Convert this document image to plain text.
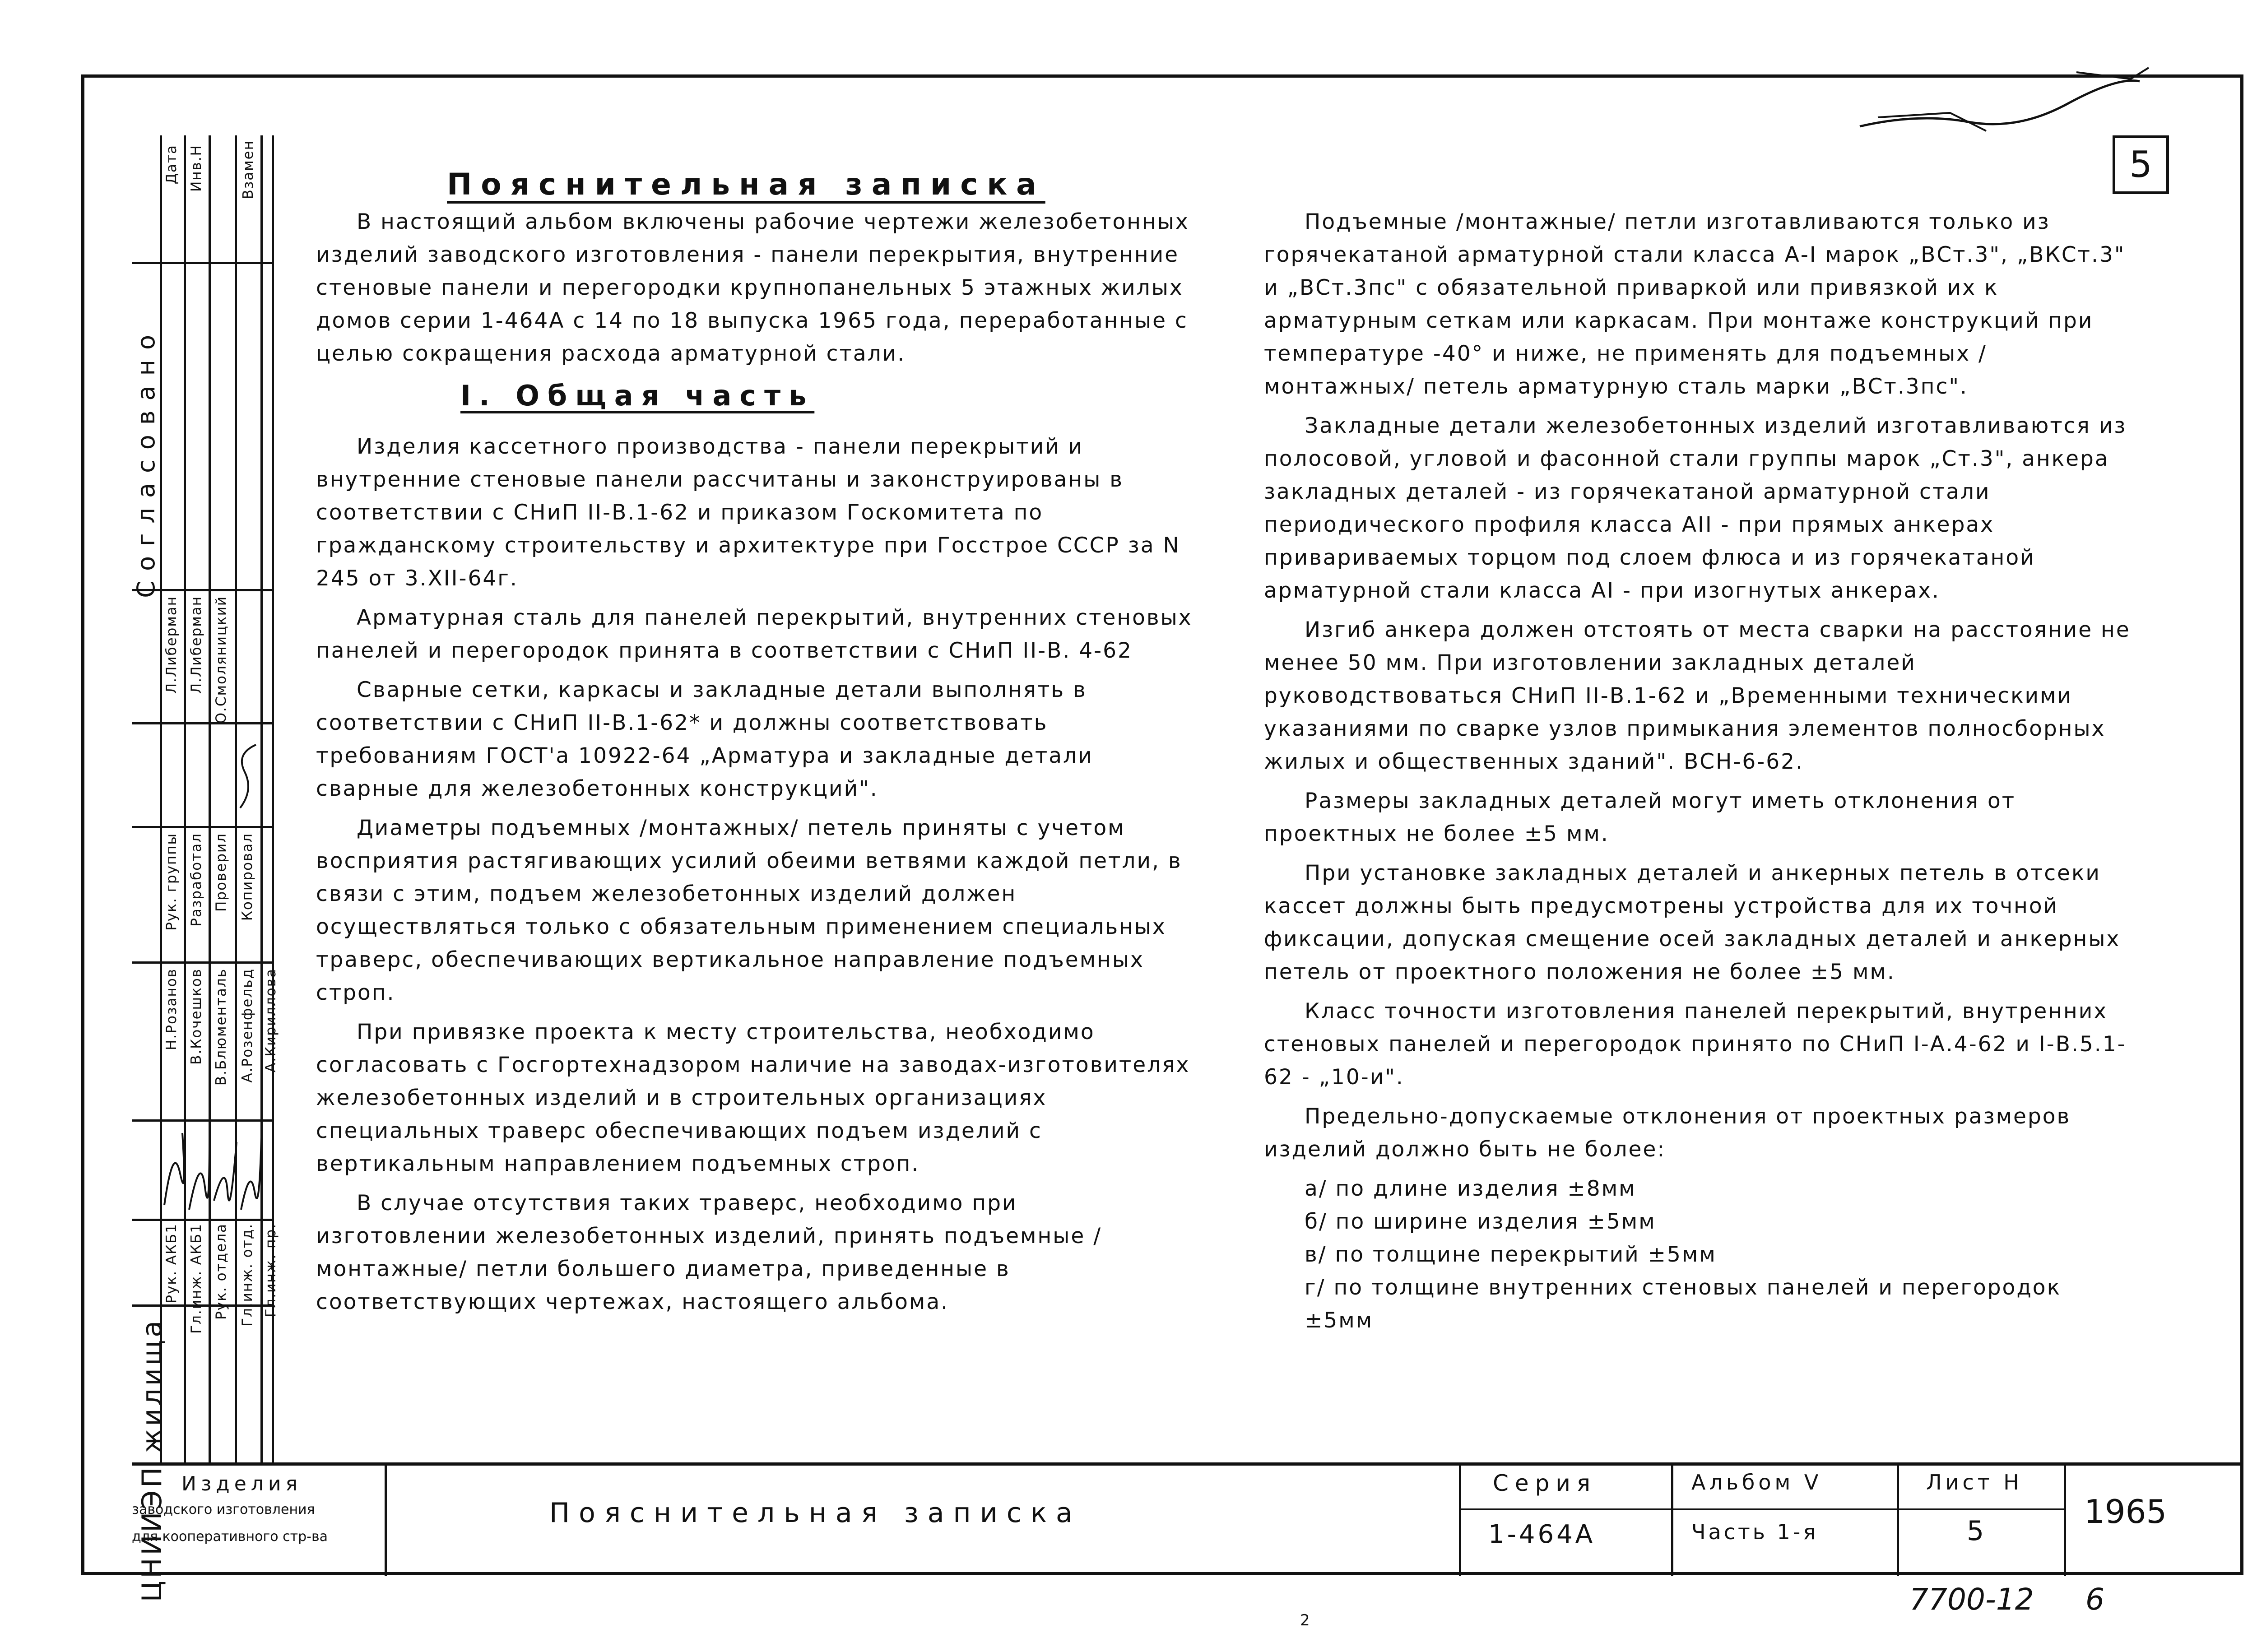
5
Пояснительная записка

В настоящий альбом включены рабочие чертежи железобетонных изделий заводского изготовления - панели перекрытия, внутренние стеновые панели и перегородки крупнопанельных 5 этажных жилых домов серии 1-464А с 14 по 18 выпуска 1965 года, переработанные с целью сокращения расхода арматурной стали.

I. Общая часть

Изделия кассетного производства - панели перекрытий и внутренние стеновые панели рассчитаны и законструированы в соответствии с СНиП II-В.1-62 и приказом Госкомитета по гражданскому строительству и архитектуре при Госстрое СССР за N 245 от 3.XII-64г.

Арматурная сталь для панелей перекрытий, внутренних стеновых панелей и перегородок принята в соответствии с СНиП II-В. 4-62

Сварные сетки, каркасы и закладные детали выполнять в соответствии с СНиП II-В.1-62* и должны соответствовать требованиям ГОСТ'а 10922-64 „Арматура и закладные детали сварные для железобетонных конструкций".

Диаметры подъемных /монтажных/ петель приняты с учетом восприятия растягивающих усилий обеими ветвями каждой петли, в связи с этим, подъем железобетонных изделий должен осуществляться только с обязательным применением специальных траверс, обеспечивающих вертикальное направление подъемных строп.

При привязке проекта к месту строительства, необходимо согласовать с Госгортехнадзором наличие на заводах-изготовителях железобетонных изделий и в строительных организациях специальных траверс обеспечивающих подъем изделий с вертикальным направлением подъемных строп.

В случае отсутствия таких траверс, необходимо при изготовлении железобетонных изделий, принять подъемные /монтажные/ петли большего диаметра, приведенные в соответствующих чертежах, настоящего альбома.

Подъемные /монтажные/ петли изготавливаются только из горячекатаной арматурной стали класса А-I марок „ВСт.3", „ВКСт.3" и „ВСт.3пс" с обязательной приваркой или привязкой их к арматурным сеткам или каркасам. При монтаже конструкций при температуре -40° и ниже, не применять для подъемных /монтажных/ петель арматурную сталь марки „ВСт.3пс".

Закладные детали железобетонных изделий изготавливаются из полосовой, угловой и фасонной стали группы марок „Ст.3", анкера закладных деталей - из горячекатаной арматурной стали периодического профиля класса АII - при прямых анкерах привариваемых торцом под слоем флюса и из горячекатаной арматурной стали класса АI - при изогнутых анкерах.

Изгиб анкера должен отстоять от места сварки на расстояние не менее 50 мм. При изготовлении закладных деталей руководствоваться СНиП II-В.1-62 и „Временными техническими указаниями по сварке узлов примыкания элементов полносборных жилых и общественных зданий". ВСН-6-62.

Размеры закладных деталей могут иметь отклонения от проектных не более ±5 мм.

При установке закладных деталей и анкерных петель в отсеки кассет должны быть предусмотрены устройства для их точной фиксации, допуская смещение осей закладных деталей и анкерных петель от проектного положения не более ±5 мм.

Класс точности изготовления панелей перекрытий, внутренних стеновых панелей и перегородок принято по СНиП I-А.4-62 и I-В.5.1-62 - „10-и".

Предельно-допускаемые отклонения от проектных размеров изделий должно быть не более:

а/ по длине изделия ±8мм
б/ по ширине изделия ±5мм
в/ по толщине перекрытий ±5мм
г/ по толщине внутренних стеновых панелей и перегородок ±5мм
Согласовано
Дата Инв.Н	Взамен
Л.Либерман Л.Либерман О.Смоляницкий
Рук. группы Разработал Проверил Копировал
Н.Розанов В.Кочешков В.Блюменталь А.Розенфельд А.Кириллова
Рук. АКБ1 Гл.инж. АКБ1 Рук. отдела Гл.инж. отд. Гл.инж. пр.
ЦНИИЭП жилища Изделия
заводского изготовления
для кооперативного стр-ва
Пояснительная записка
Серия
1-464А
Альбом V
Часть 1-я
Лист Н
5
1965
7700-12 6
2
